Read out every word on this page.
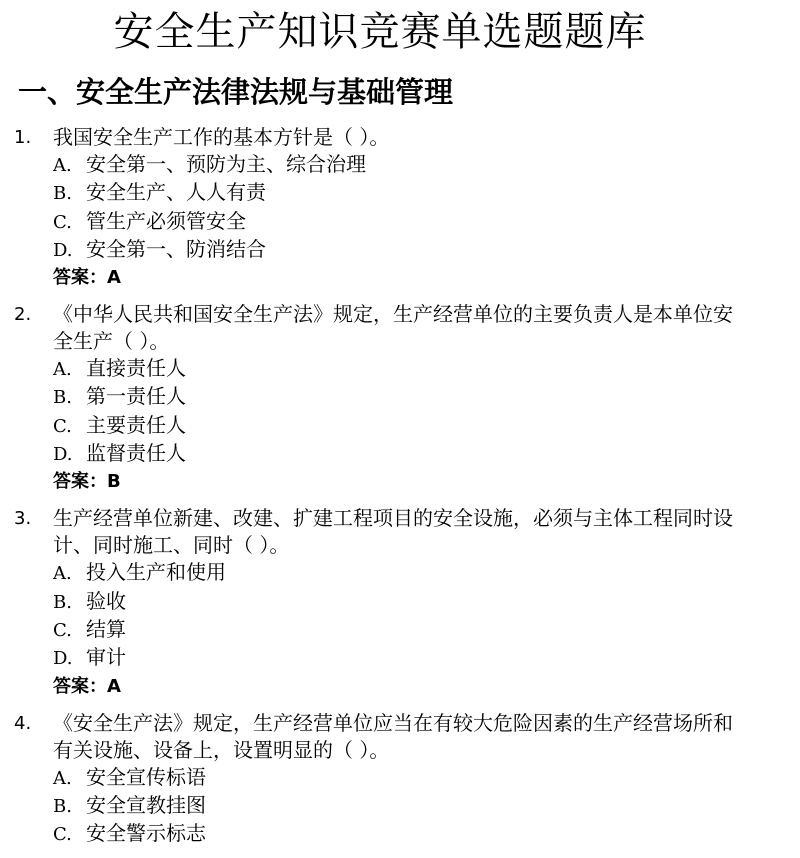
安全生产知识竞赛单选题题库
一、安全生产法律法规与基础管理
1. 我国安全生产工作的基本方针是（ ）。
A. 安全第一、预防为主、综合治理
B. 安全生产、人人有责
C. 管生产必须管安全
D. 安全第一、防消结合
答案：A
2. 《中华人民共和国安全生产法》规定，生产经营单位的主要负责人是本单位安全生产（ ）。
A. 直接责任人
B. 第一责任人
C. 主要责任人
D. 监督责任人
答案：B
3. 生产经营单位新建、改建、扩建工程项目的安全设施，必须与主体工程同时设计、同时施工、同时（ ）。
A. 投入生产和使用
B. 验收
C. 结算
D. 审计
答案：A
4. 《安全生产法》规定，生产经营单位应当在有较大危险因素的生产经营场所和有关设施、设备上，设置明显的（ ）。
A. 安全宣传标语
B. 安全宣教挂图
C. 安全警示标志
